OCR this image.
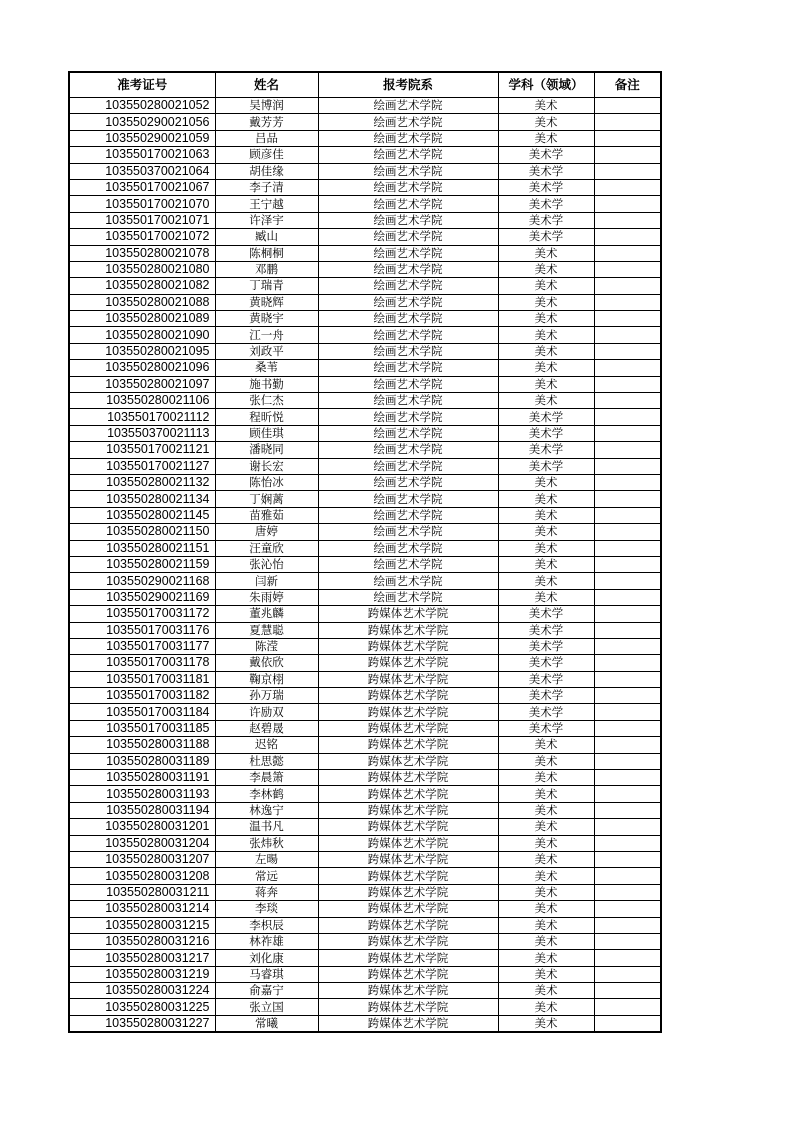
准考证号	姓名	报考院系	学科（领域）	备注
103550280021052	吴博润	绘画艺术学院	美术	
103550290021056	戴芳芳	绘画艺术学院	美术	
103550290021059	吕品	绘画艺术学院	美术	
103550170021063	顾彦佳	绘画艺术学院	美术学	
103550370021064	胡佳缘	绘画艺术学院	美术学	
103550170021067	李子清	绘画艺术学院	美术学	
103550170021070	王宁越	绘画艺术学院	美术学	
103550170021071	许泽宇	绘画艺术学院	美术学	
103550170021072	臧山	绘画艺术学院	美术学	
103550280021078	陈桐桐	绘画艺术学院	美术	
103550280021080	邓鹏	绘画艺术学院	美术	
103550280021082	丁瑞青	绘画艺术学院	美术	
103550280021088	黄晓辉	绘画艺术学院	美术	
103550280021089	黄晓宇	绘画艺术学院	美术	
103550280021090	江一舟	绘画艺术学院	美术	
103550280021095	刘政平	绘画艺术学院	美术	
103550280021096	桑苇	绘画艺术学院	美术	
103550280021097	施书勤	绘画艺术学院	美术	
103550280021106	张仁杰	绘画艺术学院	美术	
103550170021112	程昕悦	绘画艺术学院	美术学	
103550370021113	顾佳琪	绘画艺术学院	美术学	
103550170021121	潘晓同	绘画艺术学院	美术学	
103550170021127	谢长宏	绘画艺术学院	美术学	
103550280021132	陈怡冰	绘画艺术学院	美术	
103550280021134	丁娴蓠	绘画艺术学院	美术	
103550280021145	苗雅茹	绘画艺术学院	美术	
103550280021150	唐婷	绘画艺术学院	美术	
103550280021151	汪童欣	绘画艺术学院	美术	
103550280021159	张沁怡	绘画艺术学院	美术	
103550290021168	闫新	绘画艺术学院	美术	
103550290021169	朱雨婷	绘画艺术学院	美术	
103550170031172	董兆麟	跨媒体艺术学院	美术学	
103550170031176	夏慧聪	跨媒体艺术学院	美术学	
103550170031177	陈滢	跨媒体艺术学院	美术学	
103550170031178	戴依欣	跨媒体艺术学院	美术学	
103550170031181	鞠京栩	跨媒体艺术学院	美术学	
103550170031182	孙万瑞	跨媒体艺术学院	美术学	
103550170031184	许励双	跨媒体艺术学院	美术学	
103550170031185	赵碧晟	跨媒体艺术学院	美术学	
103550280031188	迟铭	跨媒体艺术学院	美术	
103550280031189	杜思懿	跨媒体艺术学院	美术	
103550280031191	李晨箫	跨媒体艺术学院	美术	
103550280031193	李林鹤	跨媒体艺术学院	美术	
103550280031194	林逸宁	跨媒体艺术学院	美术	
103550280031201	温书凡	跨媒体艺术学院	美术	
103550280031204	张炜秋	跨媒体艺术学院	美术	
103550280031207	左暘	跨媒体艺术学院	美术	
103550280031208	常远	跨媒体艺术学院	美术	
103550280031211	蒋奔	跨媒体艺术学院	美术	
103550280031214	李琰	跨媒体艺术学院	美术	
103550280031215	李枳辰	跨媒体艺术学院	美术	
103550280031216	林祚雄	跨媒体艺术学院	美术	
103550280031217	刘化康	跨媒体艺术学院	美术	
103550280031219	马睿琪	跨媒体艺术学院	美术	
103550280031224	俞嘉宁	跨媒体艺术学院	美术	
103550280031225	张立国	跨媒体艺术学院	美术	
103550280031227	常曦	跨媒体艺术学院	美术	
